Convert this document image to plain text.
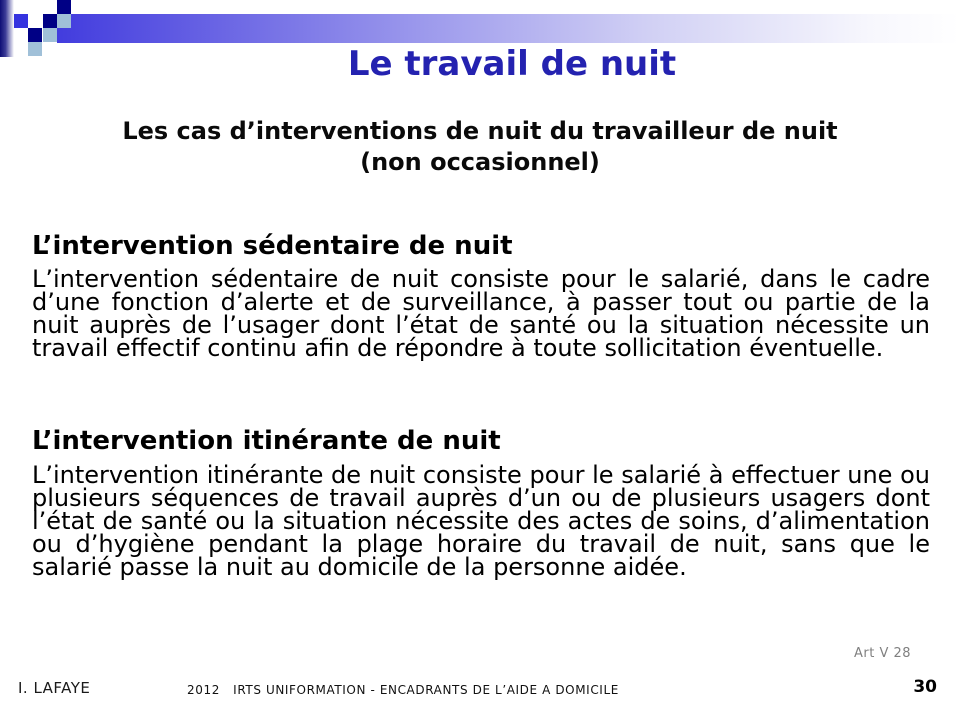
Le travail de nuit
Les cas d’interventions de nuit du travailleur de nuit
(non occasionnel)
L’intervention sédentaire de nuit

L’intervention sédentaire de nuit consiste pour le salarié, dans le cadre d’une fonction d’alerte et de surveillance, à passer tout ou partie de la nuit auprès de l’usager dont l’état de santé ou la situation nécessite un travail effectif continu afin de répondre à toute sollicitation éventuelle.

L’intervention itinérante de nuit

L’intervention itinérante de nuit consiste pour le salarié à effectuer une ou plusieurs séquences de travail auprès d’un ou de plusieurs usagers dont l’état de santé ou la situation nécessite des actes de soins, d’alimentation ou d’hygiène pendant la plage horaire du travail de nuit, sans que le salarié passe la nuit au domicile de la personne aidée.

Art V 28
I. LAFAYE	2012   IRTS UNIFORMATION - ENCADRANTS DE L’AIDE A DOMICILE	30
